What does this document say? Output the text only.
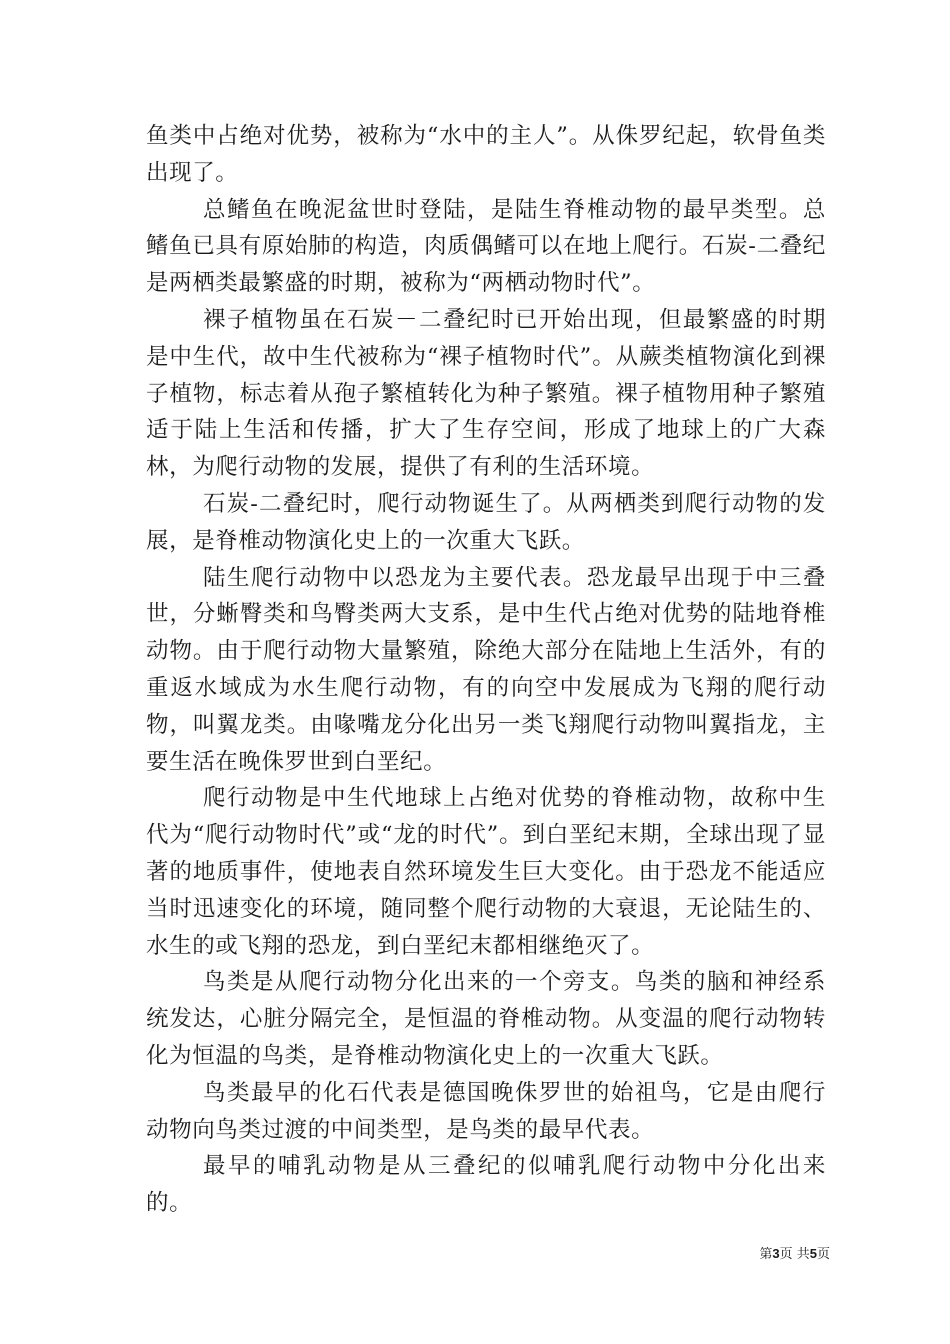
鱼类中占绝对优势，被称为“水中的主人”。从侏罗纪起，软骨鱼类出现了。

总鳍鱼在晚泥盆世时登陆，是陆生脊椎动物的最早类型。总鳍鱼已具有原始肺的构造，肉质偶鳍可以在地上爬行。石炭-二叠纪是两栖类最繁盛的时期，被称为“两栖动物时代”。

裸子植物虽在石炭－二叠纪时已开始出现，但最繁盛的时期是中生代，故中生代被称为“裸子植物时代”。从蕨类植物演化到裸子植物，标志着从孢子繁植转化为种子繁殖。裸子植物用种子繁殖适于陆上生活和传播，扩大了生存空间，形成了地球上的广大森林，为爬行动物的发展，提供了有利的生活环境。

石炭-二叠纪时，爬行动物诞生了。从两栖类到爬行动物的发展，是脊椎动物演化史上的一次重大飞跃。

陆生爬行动物中以恐龙为主要代表。恐龙最早出现于中三叠世，分蜥臀类和鸟臀类两大支系，是中生代占绝对优势的陆地脊椎动物。由于爬行动物大量繁殖，除绝大部分在陆地上生活外，有的重返水域成为水生爬行动物，有的向空中发展成为飞翔的爬行动物，叫翼龙类。由喙嘴龙分化出另一类飞翔爬行动物叫翼指龙，主要生活在晚侏罗世到白垩纪。

爬行动物是中生代地球上占绝对优势的脊椎动物，故称中生代为“爬行动物时代”或“龙的时代”。到白垩纪末期，全球出现了显著的地质事件，使地表自然环境发生巨大变化。由于恐龙不能适应当时迅速变化的环境，随同整个爬行动物的大衰退，无论陆生的、水生的或飞翔的恐龙，到白垩纪末都相继绝灭了。

鸟类是从爬行动物分化出来的一个旁支。鸟类的脑和神经系统发达，心脏分隔完全，是恒温的脊椎动物。从变温的爬行动物转化为恒温的鸟类，是脊椎动物演化史上的一次重大飞跃。

鸟类最早的化石代表是德国晚侏罗世的始祖鸟，它是由爬行动物向鸟类过渡的中间类型，是鸟类的最早代表。

最早的哺乳动物是从三叠纪的似哺乳爬行动物中分化出来的。

第3页 共5页
